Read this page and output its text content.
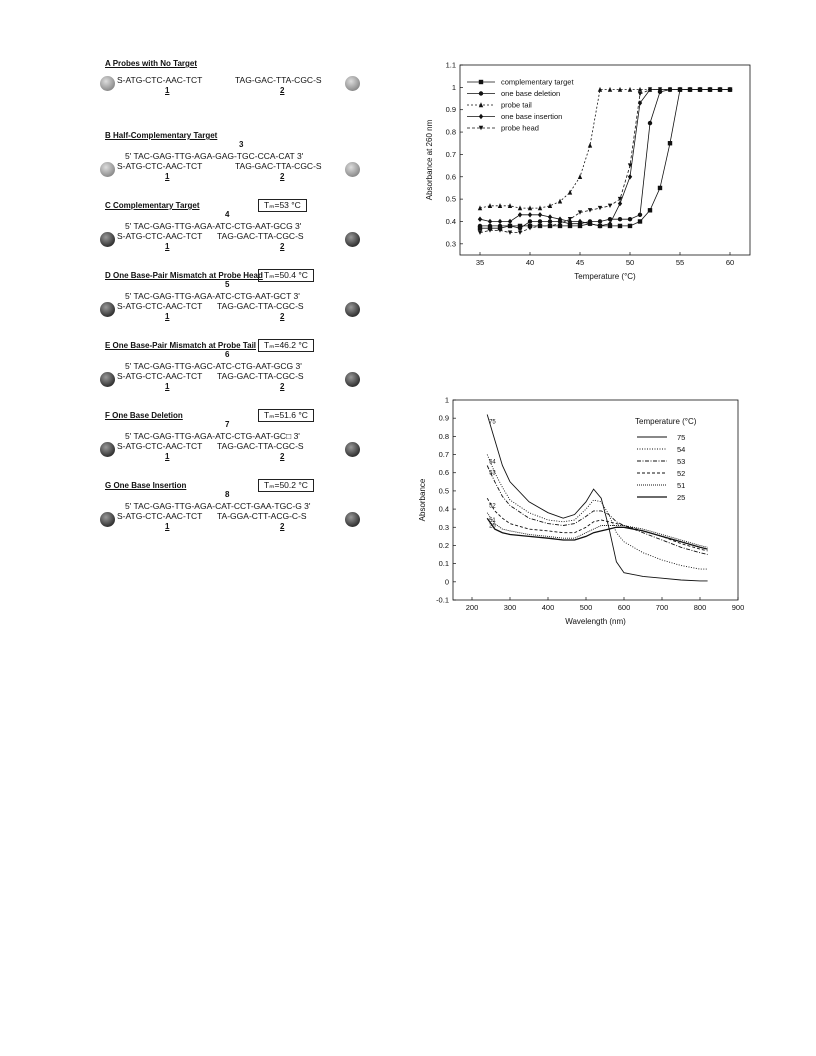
A Probes with No Target
S-ATG-CTC-AAC-TCT	TAG-GAC-TTA-CGC-S
1	2
B Half-Complementary Target
3
5' TAC-GAG-TTG-AGA-GAG-TGC-CCA-CAT 3'
S-ATG-CTC-AAC-TCT	TAG-GAC-TTA-CGC-S
1	2
C Complementary Target
4
Tₘ=53 °C
5' TAC-GAG-TTG-AGA-ATC-CTG-AAT-GCG 3'
S-ATG-CTC-AAC-TCT TAG-GAC-TTA-CGC-S
1	2
D One Base-Pair Mismatch at Probe Head
5
Tₘ=50.4 °C
5' TAC-GAG-TTG-AGA-ATC-CTG-AAT-GCT 3'
S-ATG-CTC-AAC-TCT TAG-GAC-TTA-CGC-S
1	2
E One Base-Pair Mismatch at Probe Tail
6
Tₘ=46.2 °C
5' TAC-GAG-TTG-AGC-ATC-CTG-AAT-GCG 3'
S-ATG-CTC-AAC-TCT TAG-GAC-TTA-CGC-S
1	2
F One Base Deletion
7
Tₘ=51.6 °C
5' TAC-GAG-TTG-AGA-ATC-CTG-AAT-GC□ 3'
S-ATG-CTC-AAC-TCT TAG-GAC-TTA-CGC-S
1	2
G One Base Insertion
8
Tₘ=50.2 °C
5' TAC-GAG-TTG-AGA-CAT-CCT-GAA-TGC-G 3'
S-ATG-CTC-AAC-TCT TA-GGA-CTT-ACG-C-S
1	2
35	40	45	50	55	60
0.3
0.4
0.5
0.6
0.7
0.8
0.9
1
1.1
Temperature (°C)
Absorbance at 260 nm
complementary target
one base deletion
probe tail
one base insertion
probe head
200	300	400	500	600	700	800	900
-0.1
0
0.1
0.2
0.3
0.4
0.5
0.6
0.7
0.8
0.9
1
Wavelength (nm)
Absorbance
Temperature (°C)
75
75
54
54	53
53	52
52
51
51
25
25
